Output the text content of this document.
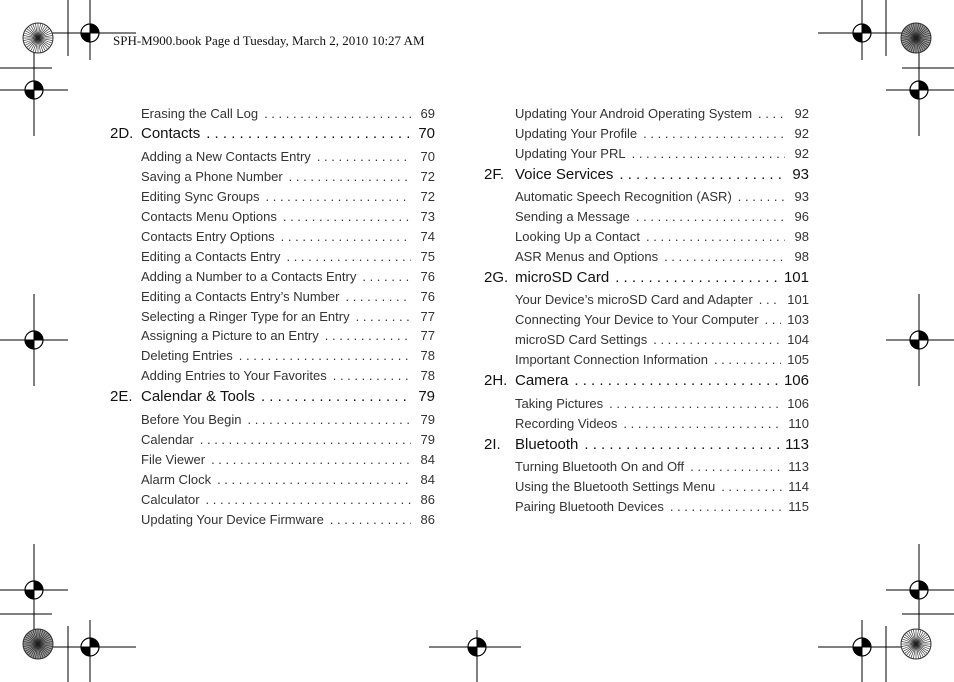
SPH-M900.book Page d Tuesday, March 2, 2010 10:27 AM
Erasing the Call Log . . .	69
2D. Contacts . . .	70
Adding a New Contacts Entry . . .	70
Saving a Phone Number . . .	72
Editing Sync Groups . . .	72
Contacts Menu Options . . .	73
Contacts Entry Options . . .	74
Editing a Contacts Entry . . .	75
Adding a Number to a Contacts Entry . . .	76
Editing a Contacts Entry’s Number . . .	76
Selecting a Ringer Type for an Entry . . .	77
Assigning a Picture to an Entry . . .	77
Deleting Entries . . .	78
Adding Entries to Your Favorites . . .	78
2E. Calendar & Tools . . .	79
Before You Begin . . .	79
Calendar . . .	79
File Viewer . . .	84
Alarm Clock . . .	84
Calculator . . .	86
Updating Your Device Firmware . . .	86
Updating Your Android Operating System . . .	92
Updating Your Profile . . .	92
Updating Your PRL . . .	92
2F. Voice Services . . .	93
Automatic Speech Recognition (ASR) . . .	93
Sending a Message . . .	96
Looking Up a Contact . . .	98
ASR Menus and Options . . .	98
2G. microSD Card . . .	101
Your Device’s microSD Card and Adapter . . .	101
Connecting Your Device to Your Computer . . . 103
microSD Card Settings . . .	104
Important Connection Information . . .	105
2H. Camera . . .	106
Taking Pictures . . .	106
Recording Videos . . .	110
2I. Bluetooth . . .	113
Turning Bluetooth On and Off . . .	113
Using the Bluetooth Settings Menu . . .	114
Pairing Bluetooth Devices . . .	115
